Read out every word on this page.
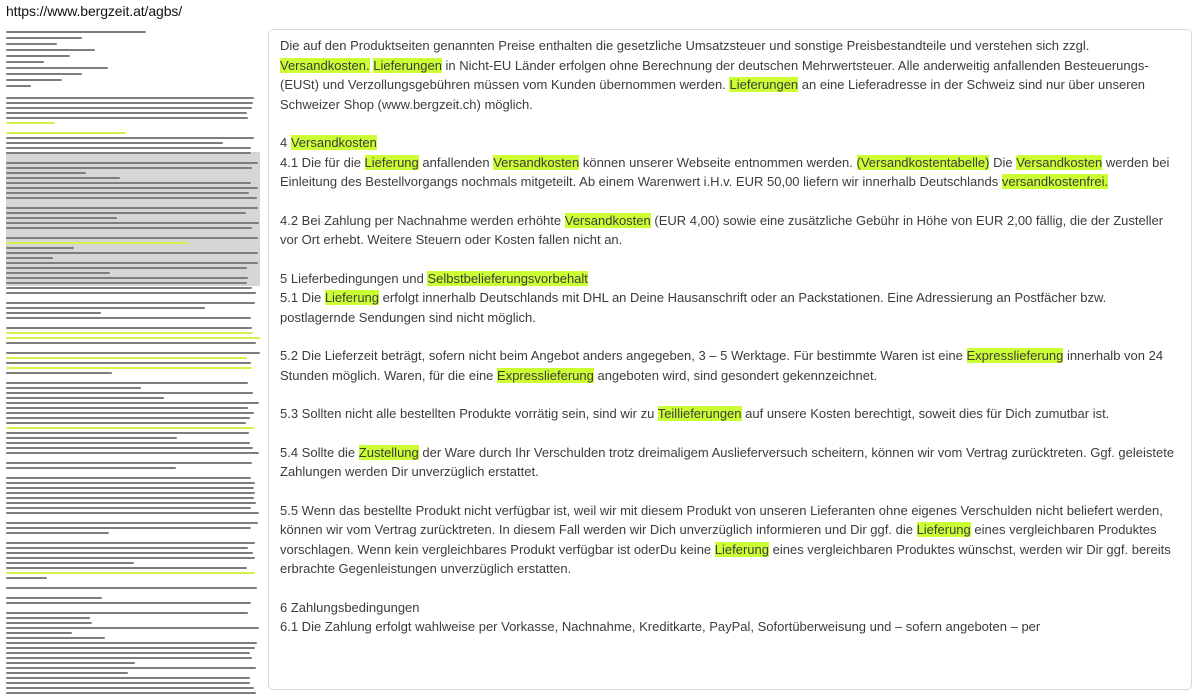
https://www.bergzeit.at/agbs/

Die auf den Produktseiten genannten Preise enthalten die gesetzliche Umsatzsteuer und sonstige Preisbestandteile und verstehen sich zzgl. Versandkosten. Lieferungen in Nicht-EU Länder erfolgen ohne Berechnung der deutschen Mehrwertsteuer. Alle anderweitig anfallenden Besteuerungs- (EUSt) und Verzollungsgebühren müssen vom Kunden übernommen werden. Lieferungen an eine Lieferadresse in der Schweiz sind nur über unseren Schweizer Shop (www.bergzeit.ch) möglich.

4 Versandkosten
4.1 Die für die Lieferung anfallenden Versandkosten können unserer Webseite entnommen werden. (Versandkostentabelle) Die Versandkosten werden bei Einleitung des Bestellvorgangs nochmals mitgeteilt. Ab einem Warenwert i.H.v. EUR 50,00 liefern wir innerhalb Deutschlands versandkostenfrei.

4.2 Bei Zahlung per Nachnahme werden erhöhte Versandkosten (EUR 4,00) sowie eine zusätzliche Gebühr in Höhe von EUR 2,00 fällig, die der Zusteller vor Ort erhebt. Weitere Steuern oder Kosten fallen nicht an.

5 Lieferbedingungen und Selbstbelieferungsvorbehalt
5.1 Die Lieferung erfolgt innerhalb Deutschlands mit DHL an Deine Hausanschrift oder an Packstationen. Eine Adressierung an Postfächer bzw. postlagernde Sendungen sind nicht möglich.

5.2 Die Lieferzeit beträgt, sofern nicht beim Angebot anders angegeben, 3 – 5 Werktage. Für bestimmte Waren ist eine Expresslieferung innerhalb von 24 Stunden möglich. Waren, für die eine Expresslieferung angeboten wird, sind gesondert gekennzeichnet.

5.3 Sollten nicht alle bestellten Produkte vorrätig sein, sind wir zu Teillieferungen auf unsere Kosten berechtigt, soweit dies für Dich zumutbar ist.

5.4 Sollte die Zustellung der Ware durch Ihr Verschulden trotz dreimaligem Auslieferversuch scheitern, können wir vom Vertrag zurücktreten. Ggf. geleistete Zahlungen werden Dir unverzüglich erstattet.

5.5 Wenn das bestellte Produkt nicht verfügbar ist, weil wir mit diesem Produkt von unseren Lieferanten ohne eigenes Verschulden nicht beliefert werden, können wir vom Vertrag zurücktreten. In diesem Fall werden wir Dich unverzüglich informieren und Dir ggf. die Lieferung eines vergleichbaren Produktes vorschlagen. Wenn kein vergleichbares Produkt verfügbar ist oderDu keine Lieferung eines vergleichbaren Produktes wünschst, werden wir Dir ggf. bereits erbrachte Gegenleistungen unverzüglich erstatten.

6 Zahlungsbedingungen
6.1 Die Zahlung erfolgt wahlweise per Vorkasse, Nachnahme, Kreditkarte, PayPal, Sofortüberweisung und – sofern angeboten – per
